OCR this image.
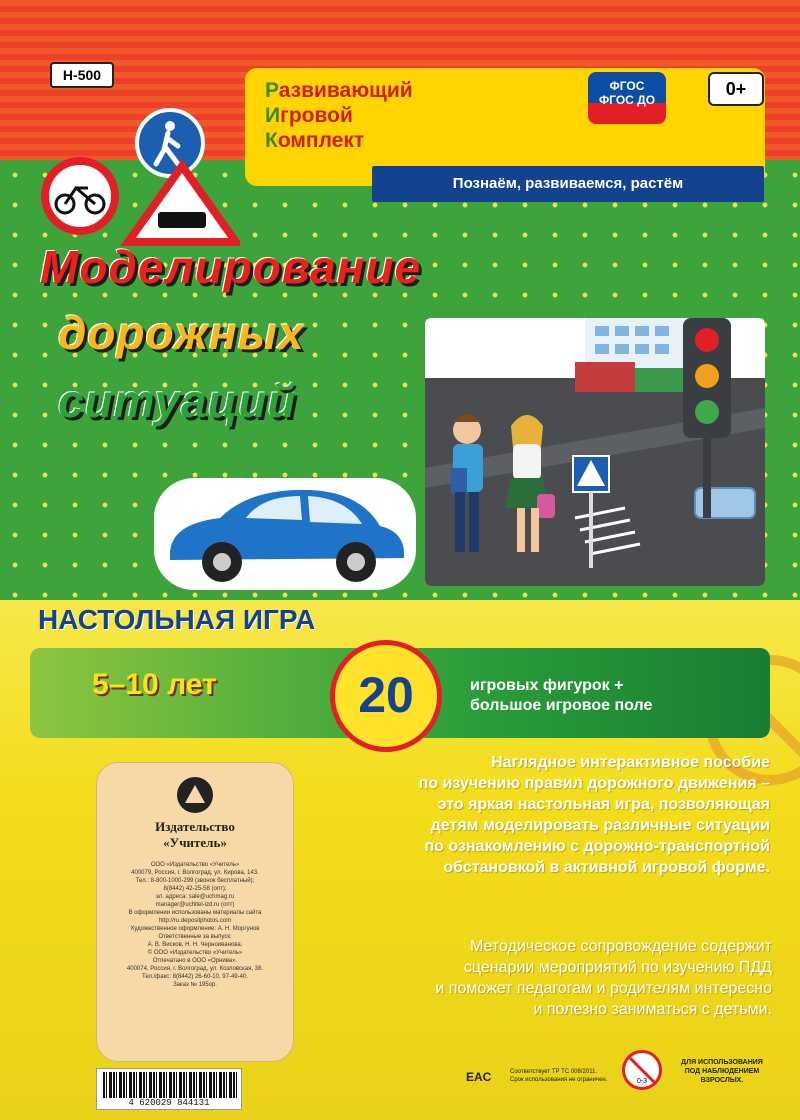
Н-500
Развивающий
Игровой
Комплект
ФГОС
ФГОС ДО
0+
Познаём, развиваемся, растём
Моделирование
дорожных
ситуаций
НАСТОЛЬНАЯ ИГРА
5–10 лет	20	игровых фигурок +
большое игровое поле
Издательство
«Учитель»
ООО «Издательство «Учитель»
400079, Россия, г. Волгоград, ул. Кирова, 143.
Тел.: 8-800-1000-299 (звонок бесплатный);
8(8442) 42-25-58 (опт);
эл. адреса: sale@uchmag.ru
manager@uchitel-izd.ru (опт)
В оформлении использованы материалы сайта
http://ru.depositphotos.com
Художественное оформление: А. Н. Моргунов
Ответственные за выпуск:
А. В. Висков, Н. Н. Черноиванова.
© ООО «Издательство «Учитель»
Отпечатано в ООО «Орнива».
400074, Россия, г. Волгоград, ул. Козловская, 38.
Тел./факс: 8(8442) 26-60-10, 97-49-40.
Заказ № 195ор.
Наглядное интерактивное пособие
по изучению правил дорожного движения –
это яркая настольная игра, позволяющая
детям моделировать различные ситуации
по ознакомлению с дорожно-транспортной
обстановкой в активной игровой форме.
Методическое сопровождение содержит
сценарии мероприятий по изучению ПДД
и поможет педагогам и родителям интересно
и полезно заниматься с детьми.
4 620029 844131
EAC	Соответствует ТР ТС 008/2011.
Срок использования не ограничен.	0-3
ДЛЯ ИСПОЛЬЗОВАНИЯ
ПОД НАБЛЮДЕНИЕМ
ВЗРОСЛЫХ.
